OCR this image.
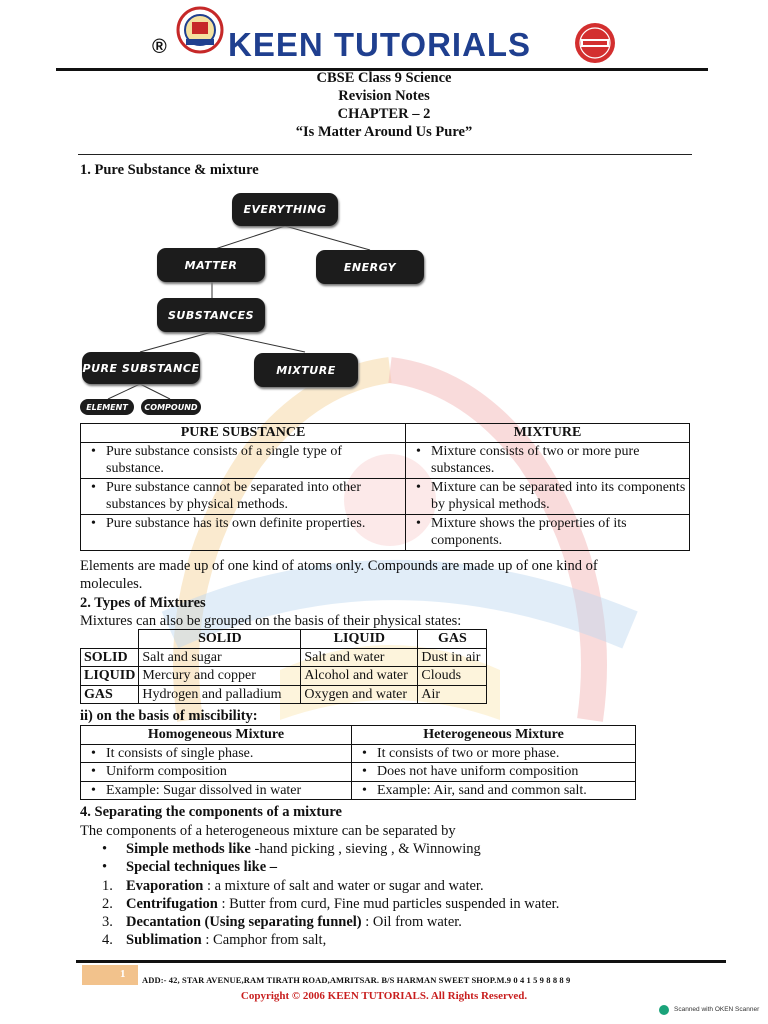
® KEEN TUTORIALS
CBSE Class 9 Science
Revision Notes
CHAPTER – 2
“Is Matter Around Us Pure”
1. Pure Substance & mixture
EVERYTHING
MATTER	ENERGY
SUBSTANCES
PURE SUBSTANCE	MIXTURE
ELEMENT	COMPOUND
PURE SUBSTANCE	MIXTURE

• Pure substance consists of a single type of substance.	• Mixture consists of two or more pure substances.

• Pure substance cannot be separated into other substances by physical methods.	• Mixture can be separated into its components by physical methods.

• Pure substance has its own definite properties.	• Mixture shows the properties of its components.
Elements are made up of one kind of atoms only. Compounds are made up of one kind of
molecules.
2. Types of Mixtures
Mixtures can also be grouped on the basis of their physical states:
	SOLID	LIQUID	GAS
SOLID	Salt and sugar	Salt and water	Dust in air
LIQUID	Mercury and copper	Alcohol and water	Clouds
GAS	Hydrogen and palladium	Oxygen and water	Air
ii) on the basis of miscibility:
Homogeneous Mixture	Heterogeneous Mixture

• It consists of single phase.	• It consists of two or more phase.

• Uniform composition	• Does not have uniform composition

• Example: Sugar dissolved in water	• Example: Air, sand and common salt.
4. Separating the components of a mixture
The components of a heterogeneous mixture can be separated by
• Simple methods like -hand picking , sieving , & Winnowing
• Special techniques like –
1. Evaporation : a mixture of salt and water or sugar and water.
2. Centrifugation : Butter from curd, Fine mud particles suspended in water.
3. Decantation (Using separating funnel) : Oil from water.
4. Sublimation : Camphor from salt,
1 ADD:- 42, STAR AVENUE,RAM TIRATH ROAD,AMRITSAR. B/S HARMAN SWEET SHOP.M.9 0 4 1 5 9 8 8 8 9
Copyright © 2006 KEEN TUTORIALS. All Rights Reserved.
Scanned with OKEN Scanner
